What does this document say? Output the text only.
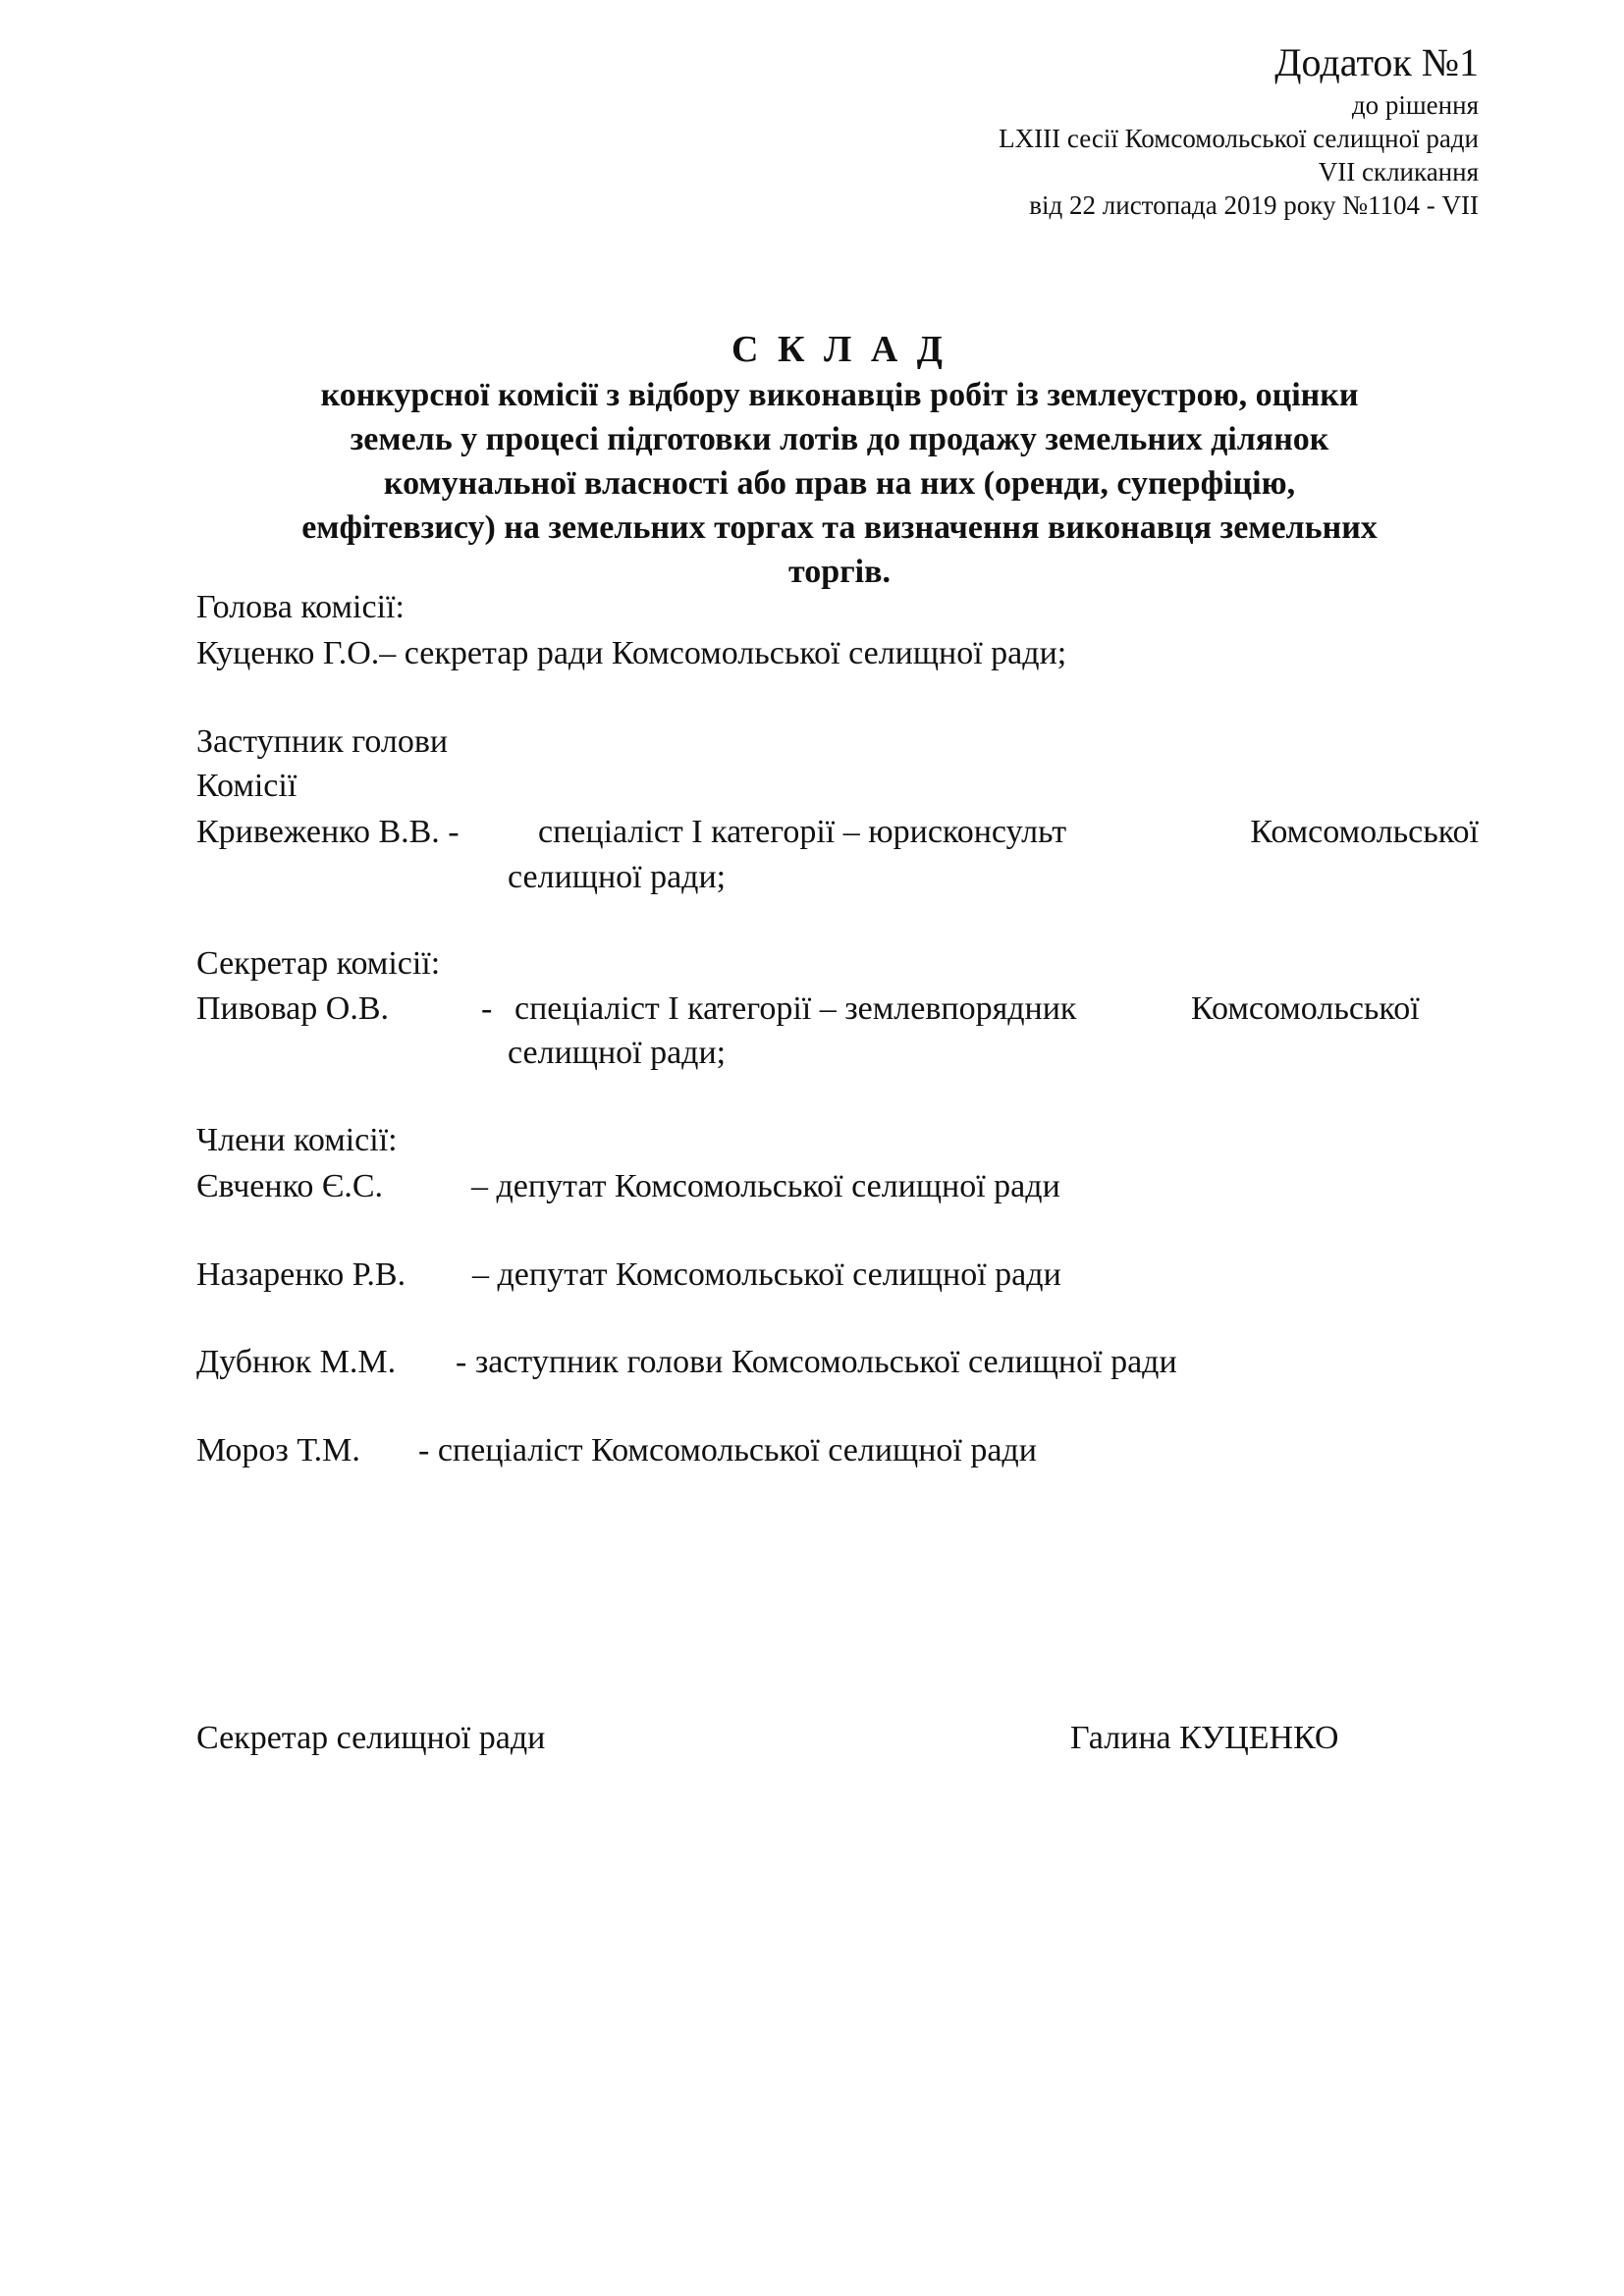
Додаток №1
до рішення
LXIII сесії Комсомольської селищної ради
VII скликання
від 22 листопада 2019 року №1104 - VII
С К Л А Д
конкурсної комісії з відбору виконавців робіт із землеустрою, оцінки
земель у процесі підготовки лотів до продажу земельних ділянок
комунальної власності або прав на них (оренди, суперфіцію,
емфітевзису) на земельних торгах та визначення виконавця земельних
торгів.
Голова комісії:
Куценко Г.О.– секретар ради Комсомольської селищної ради;
Заступник голови
Комісії
Кривеженко В.В. - спеціаліст І категорії – юрисконсульт	Комсомольської
селищної ради;
Секретар комісії:
Пивовар О.В.	- спеціаліст І категорії – землевпорядник	Комсомольської
селищної ради;
Члени комісії:
Євченко Є.С.	– депутат Комсомольської селищної ради
Назаренко Р.В. – депутат Комсомольської селищної ради
Дубнюк М.М. - заступник голови Комсомольської селищної ради
Мороз Т.М. - спеціаліст Комсомольської селищної ради
Секретар селищної ради	Галина КУЦЕНКО
